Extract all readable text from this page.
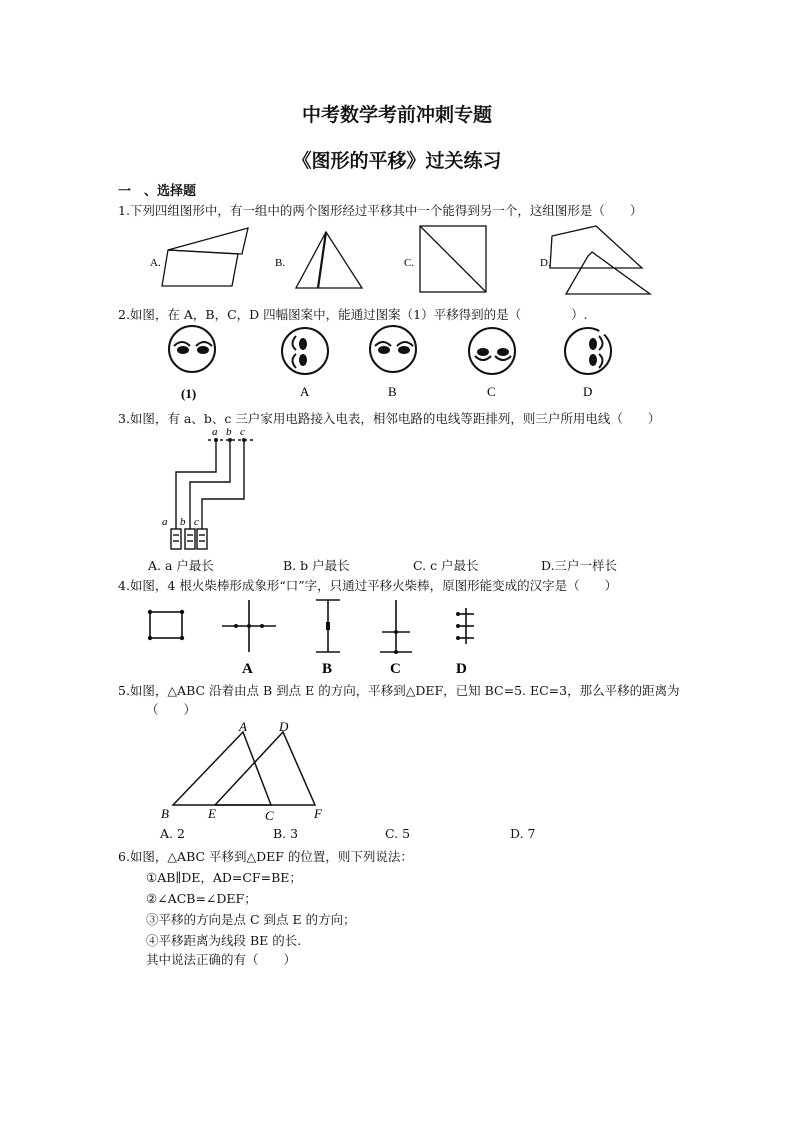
中考数学考前冲刺专题
《图形的平移》过关练习
一　、选择题
1.下列四组图形中，有一组中的两个图形经过平移其中一个能得到另一个，这组图形是（　　）
A.	B.	C.	D.
2.如图，在 A，B，C，D 四幅图案中，能通过图案（1）平移得到的是（　　　　）.
(1)	A	B	C	D
3.如图，有 a、b、c 三户家用电路接入电表，相邻电路的电线等距排列，则三户所用电线（　　）
a b c
a b c
A. a 户最长	B. b 户最长	C. c 户最长	D.三户一样长
4.如图，4 根火柴棒形成象形“口”字，只通过平移火柴棒，原图形能变成的汉字是（　　）
A	B	C	D
5.如图，△ABC 沿着由点 B 到点 E 的方向，平移到△DEF，已知 BC=5. EC=3，那么平移的距离为
（　　）
A D
B	E	C	F
A. 2	B. 3	C. 5	D. 7
6.如图，△ABC 平移到△DEF 的位置，则下列说法：
①AB∥DE，AD=CF=BE；
②∠ACB=∠DEF；
③平移的方向是点 C 到点 E 的方向；
④平移距离为线段 BE 的长.
其中说法正确的有（　　）
